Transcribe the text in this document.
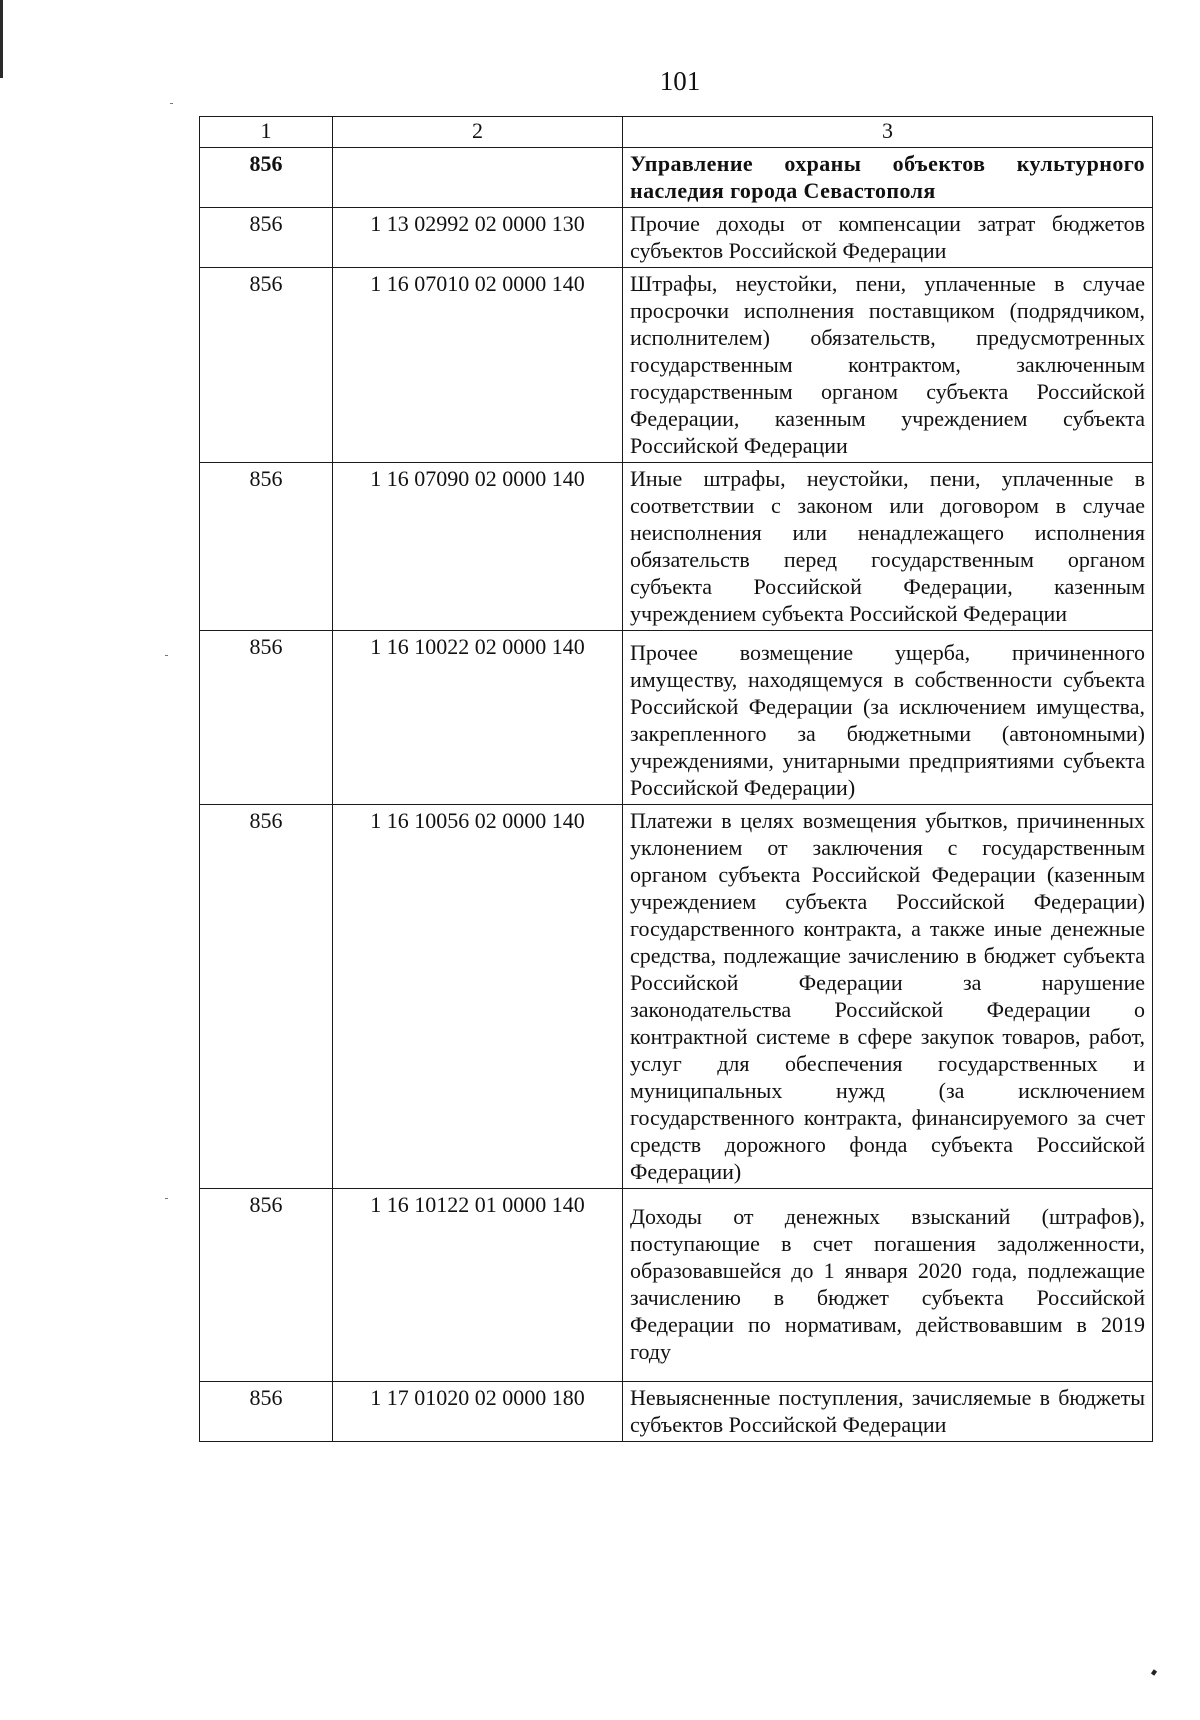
101
1	2	3
856		Управление охраны объектов культурного наследия города Севастополя
856	1 13 02992 02 0000 130	Прочие доходы от компенсации затрат бюджетов субъектов Российской Федерации
856	1 16 07010 02 0000 140	Штрафы, неустойки, пени, уплаченные в случае просрочки исполнения поставщиком (подрядчиком, исполнителем) обязательств, предусмотренных государственным контрактом, заключенным государственным органом субъекта Российской Федерации, казенным учреждением субъекта Российской Федерации
856	1 16 07090 02 0000 140	Иные штрафы, неустойки, пени, уплаченные в соответствии с законом или договором в случае неисполнения или ненадлежащего исполнения обязательств перед государственным органом субъекта Российской Федерации, казенным учреждением субъекта Российской Федерации
856	1 16 10022 02 0000 140	Прочее возмещение ущерба, причиненного имуществу, находящемуся в собственности субъекта Российской Федерации (за исключением имущества, закрепленного за бюджетными (автономными) учреждениями, унитарными предприятиями субъекта Российской Федерации)
856	1 16 10056 02 0000 140	Платежи в целях возмещения убытков, причиненных уклонением от заключения с государственным органом субъекта Российской Федерации (казенным учреждением субъекта Российской Федерации) государственного контракта, а также иные денежные средства, подлежащие зачислению в бюджет субъекта Российской Федерации за нарушение законодательства Российской Федерации о контрактной системе в сфере закупок товаров, работ, услуг для обеспечения государственных и муниципальных нужд (за исключением государственного контракта, финансируемого за счет средств дорожного фонда субъекта Российской Федерации)
856	1 16 10122 01 0000 140	Доходы от денежных взысканий (штрафов), поступающие в счет погашения задолженности, образовавшейся до 1 января 2020 года, подлежащие зачислению в бюджет субъекта Российской Федерации по нормативам, действовавшим в 2019 году
856	1 17 01020 02 0000 180	Невыясненные поступления, зачисляемые в бюджеты субъектов Российской Федерации
